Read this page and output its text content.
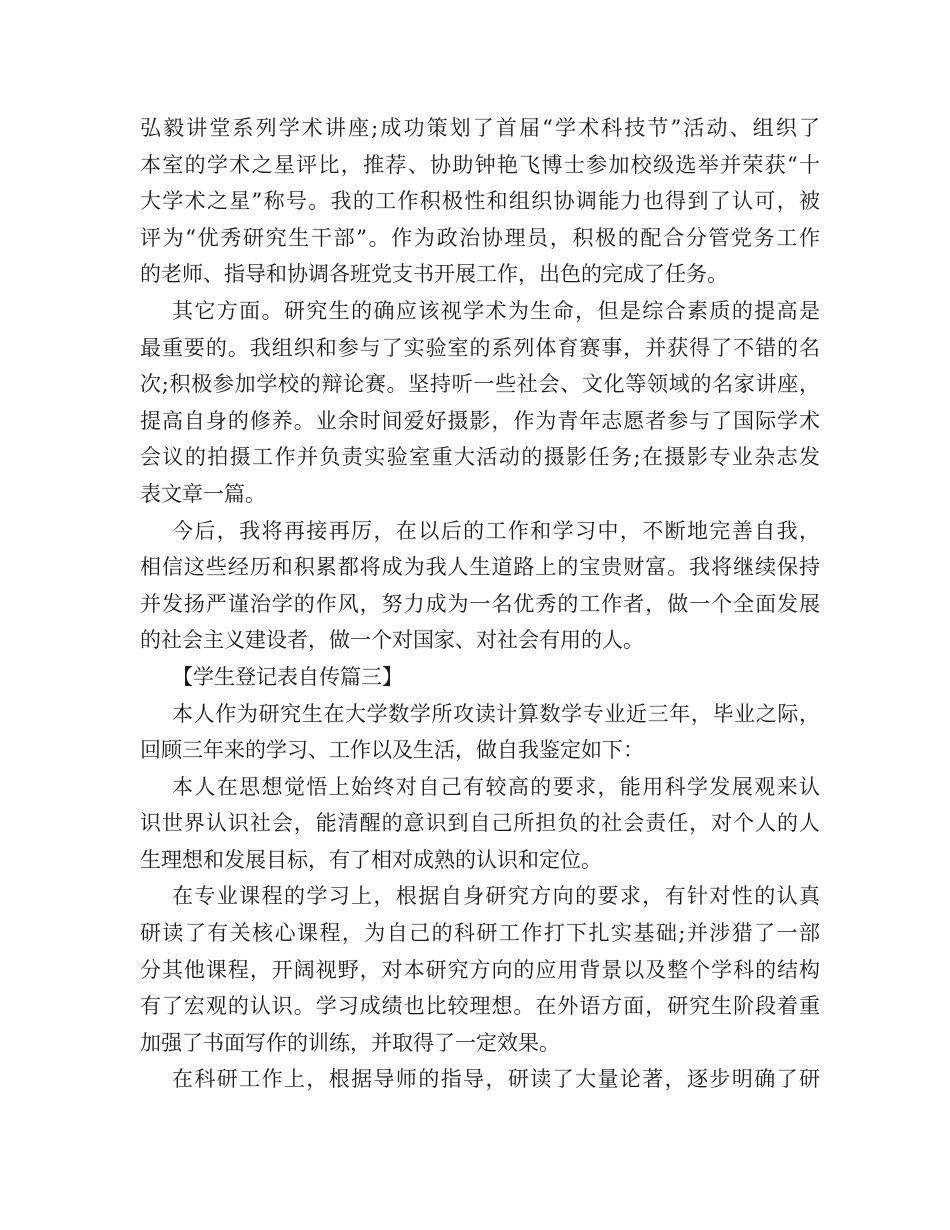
弘毅讲堂系列学术讲座;成功策划了首届“学术科技节”活动、组织了
本室的学术之星评比，推荐、协助钟艳飞博士参加校级选举并荣获“十
大学术之星”称号。我的工作积极性和组织协调能力也得到了认可，被
评为“优秀研究生干部”。作为政治协理员，积极的配合分管党务工作
的老师、指导和协调各班党支书开展工作，出色的完成了任务。
其它方面。研究生的确应该视学术为生命，但是综合素质的提高是
最重要的。我组织和参与了实验室的系列体育赛事，并获得了不错的名
次;积极参加学校的辩论赛。坚持听一些社会、文化等领域的名家讲座，
提高自身的修养。业余时间爱好摄影，作为青年志愿者参与了国际学术
会议的拍摄工作并负责实验室重大活动的摄影任务;在摄影专业杂志发
表文章一篇。
今后，我将再接再厉，在以后的工作和学习中，不断地完善自我，
相信这些经历和积累都将成为我人生道路上的宝贵财富。我将继续保持
并发扬严谨治学的作风，努力成为一名优秀的工作者，做一个全面发展
的社会主义建设者，做一个对国家、对社会有用的人。
【学生登记表自传篇三】
本人作为研究生在大学数学所攻读计算数学专业近三年，毕业之际，
回顾三年来的学习、工作以及生活，做自我鉴定如下：
本人在思想觉悟上始终对自己有较高的要求，能用科学发展观来认
识世界认识社会，能清醒的意识到自己所担负的社会责任，对个人的人
生理想和发展目标，有了相对成熟的认识和定位。
在专业课程的学习上，根据自身研究方向的要求，有针对性的认真
研读了有关核心课程，为自己的科研工作打下扎实基础;并涉猎了一部
分其他课程，开阔视野，对本研究方向的应用背景以及整个学科的结构
有了宏观的认识。学习成绩也比较理想。在外语方面，研究生阶段着重
加强了书面写作的训练，并取得了一定效果。
在科研工作上，根据导师的指导，研读了大量论著，逐步明确了研
